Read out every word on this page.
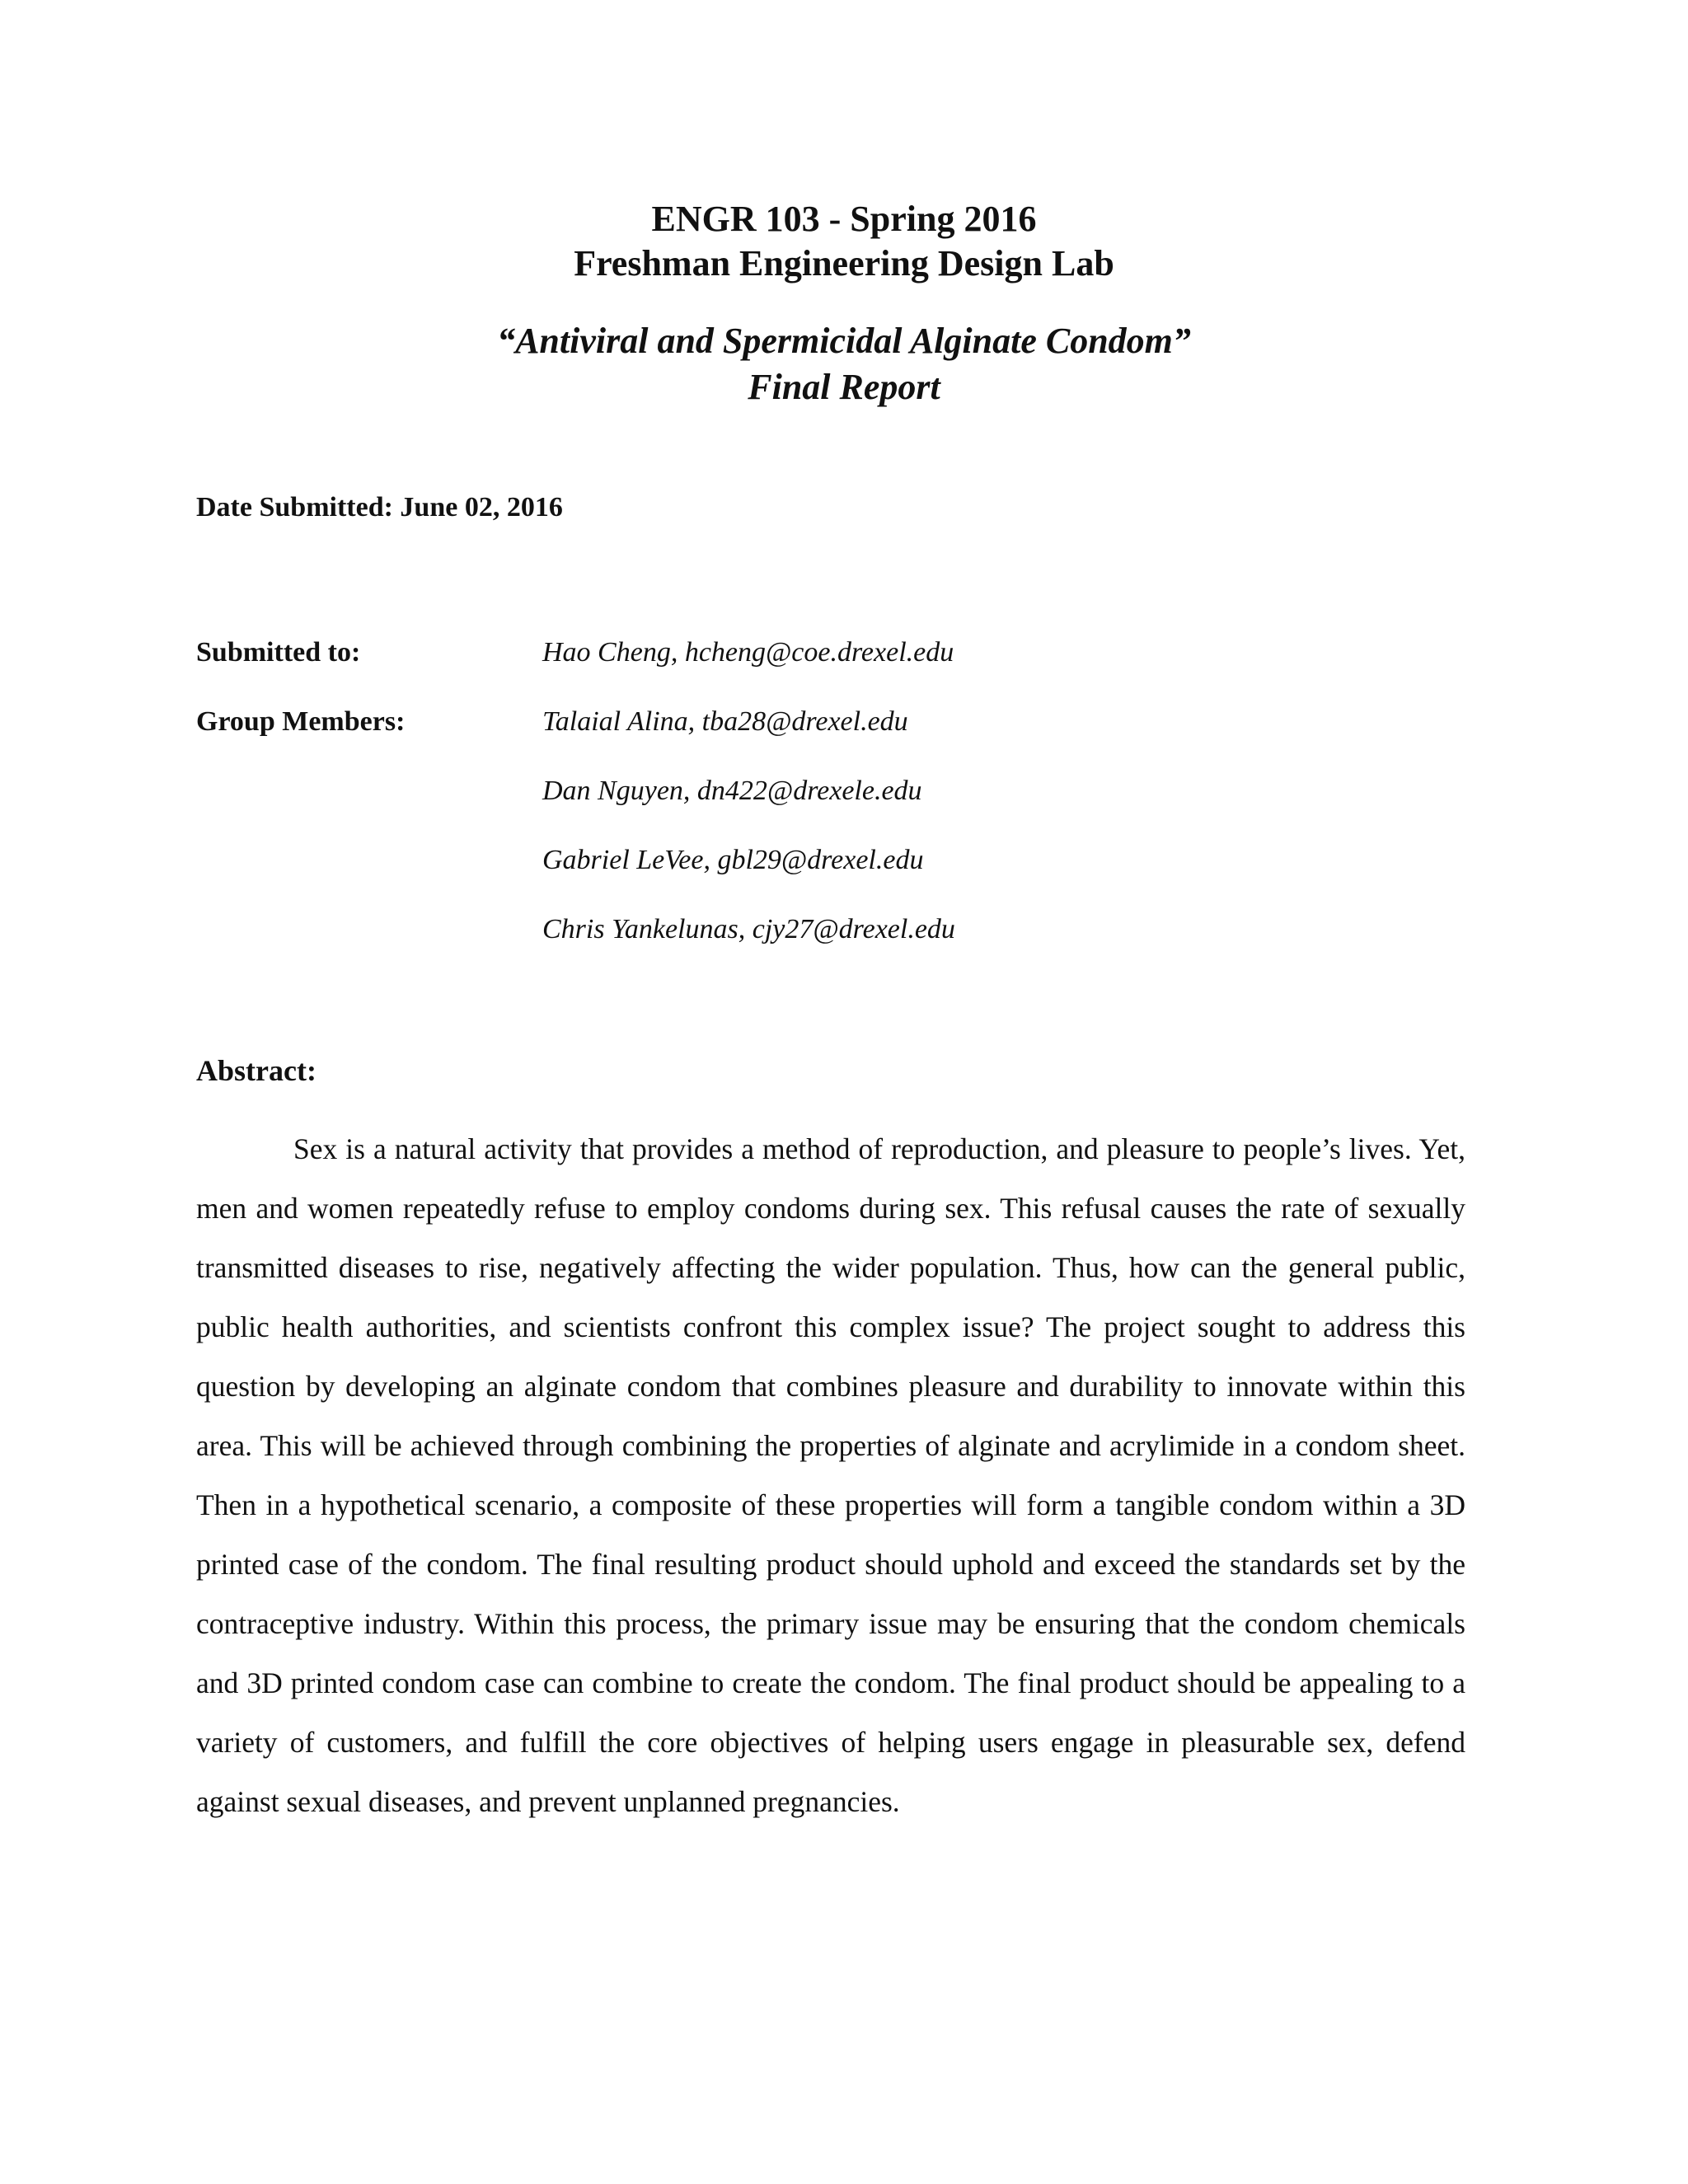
ENGR 103 - Spring 2016
Freshman Engineering Design Lab
“Antiviral and Spermicidal Alginate Condom”
Final Report
Date Submitted: June 02, 2016
Submitted to:	Hao Cheng, hcheng@coe.drexel.edu
Group Members:	Talaial Alina, tba28@drexel.edu
Dan Nguyen, dn422@drexele.edu
Gabriel LeVee, gbl29@drexel.edu
Chris Yankelunas, cjy27@drexel.edu
Abstract:

Sex is a natural activity that provides a method of reproduction, and pleasure to people’s lives. Yet, men and women repeatedly refuse to employ condoms during sex. This refusal causes the rate of sexually transmitted diseases to rise, negatively affecting the wider population. Thus, how can the general public, public health authorities, and scientists confront this complex issue? The project sought to address this question by developing an alginate condom that combines pleasure and durability to innovate within this area. This will be achieved through combining the properties of alginate and acrylimide in a condom sheet. Then in a hypothetical scenario, a composite of these properties will form a tangible condom within a 3D printed case of the condom. The final resulting product should uphold and exceed the standards set by the contraceptive industry. Within this process, the primary issue may be ensuring that the condom chemicals and 3D printed condom case can combine to create the condom. The final product should be appealing to a variety of customers, and fulfill the core objectives of helping users engage in pleasurable sex, defend against sexual diseases, and prevent unplanned pregnancies.
